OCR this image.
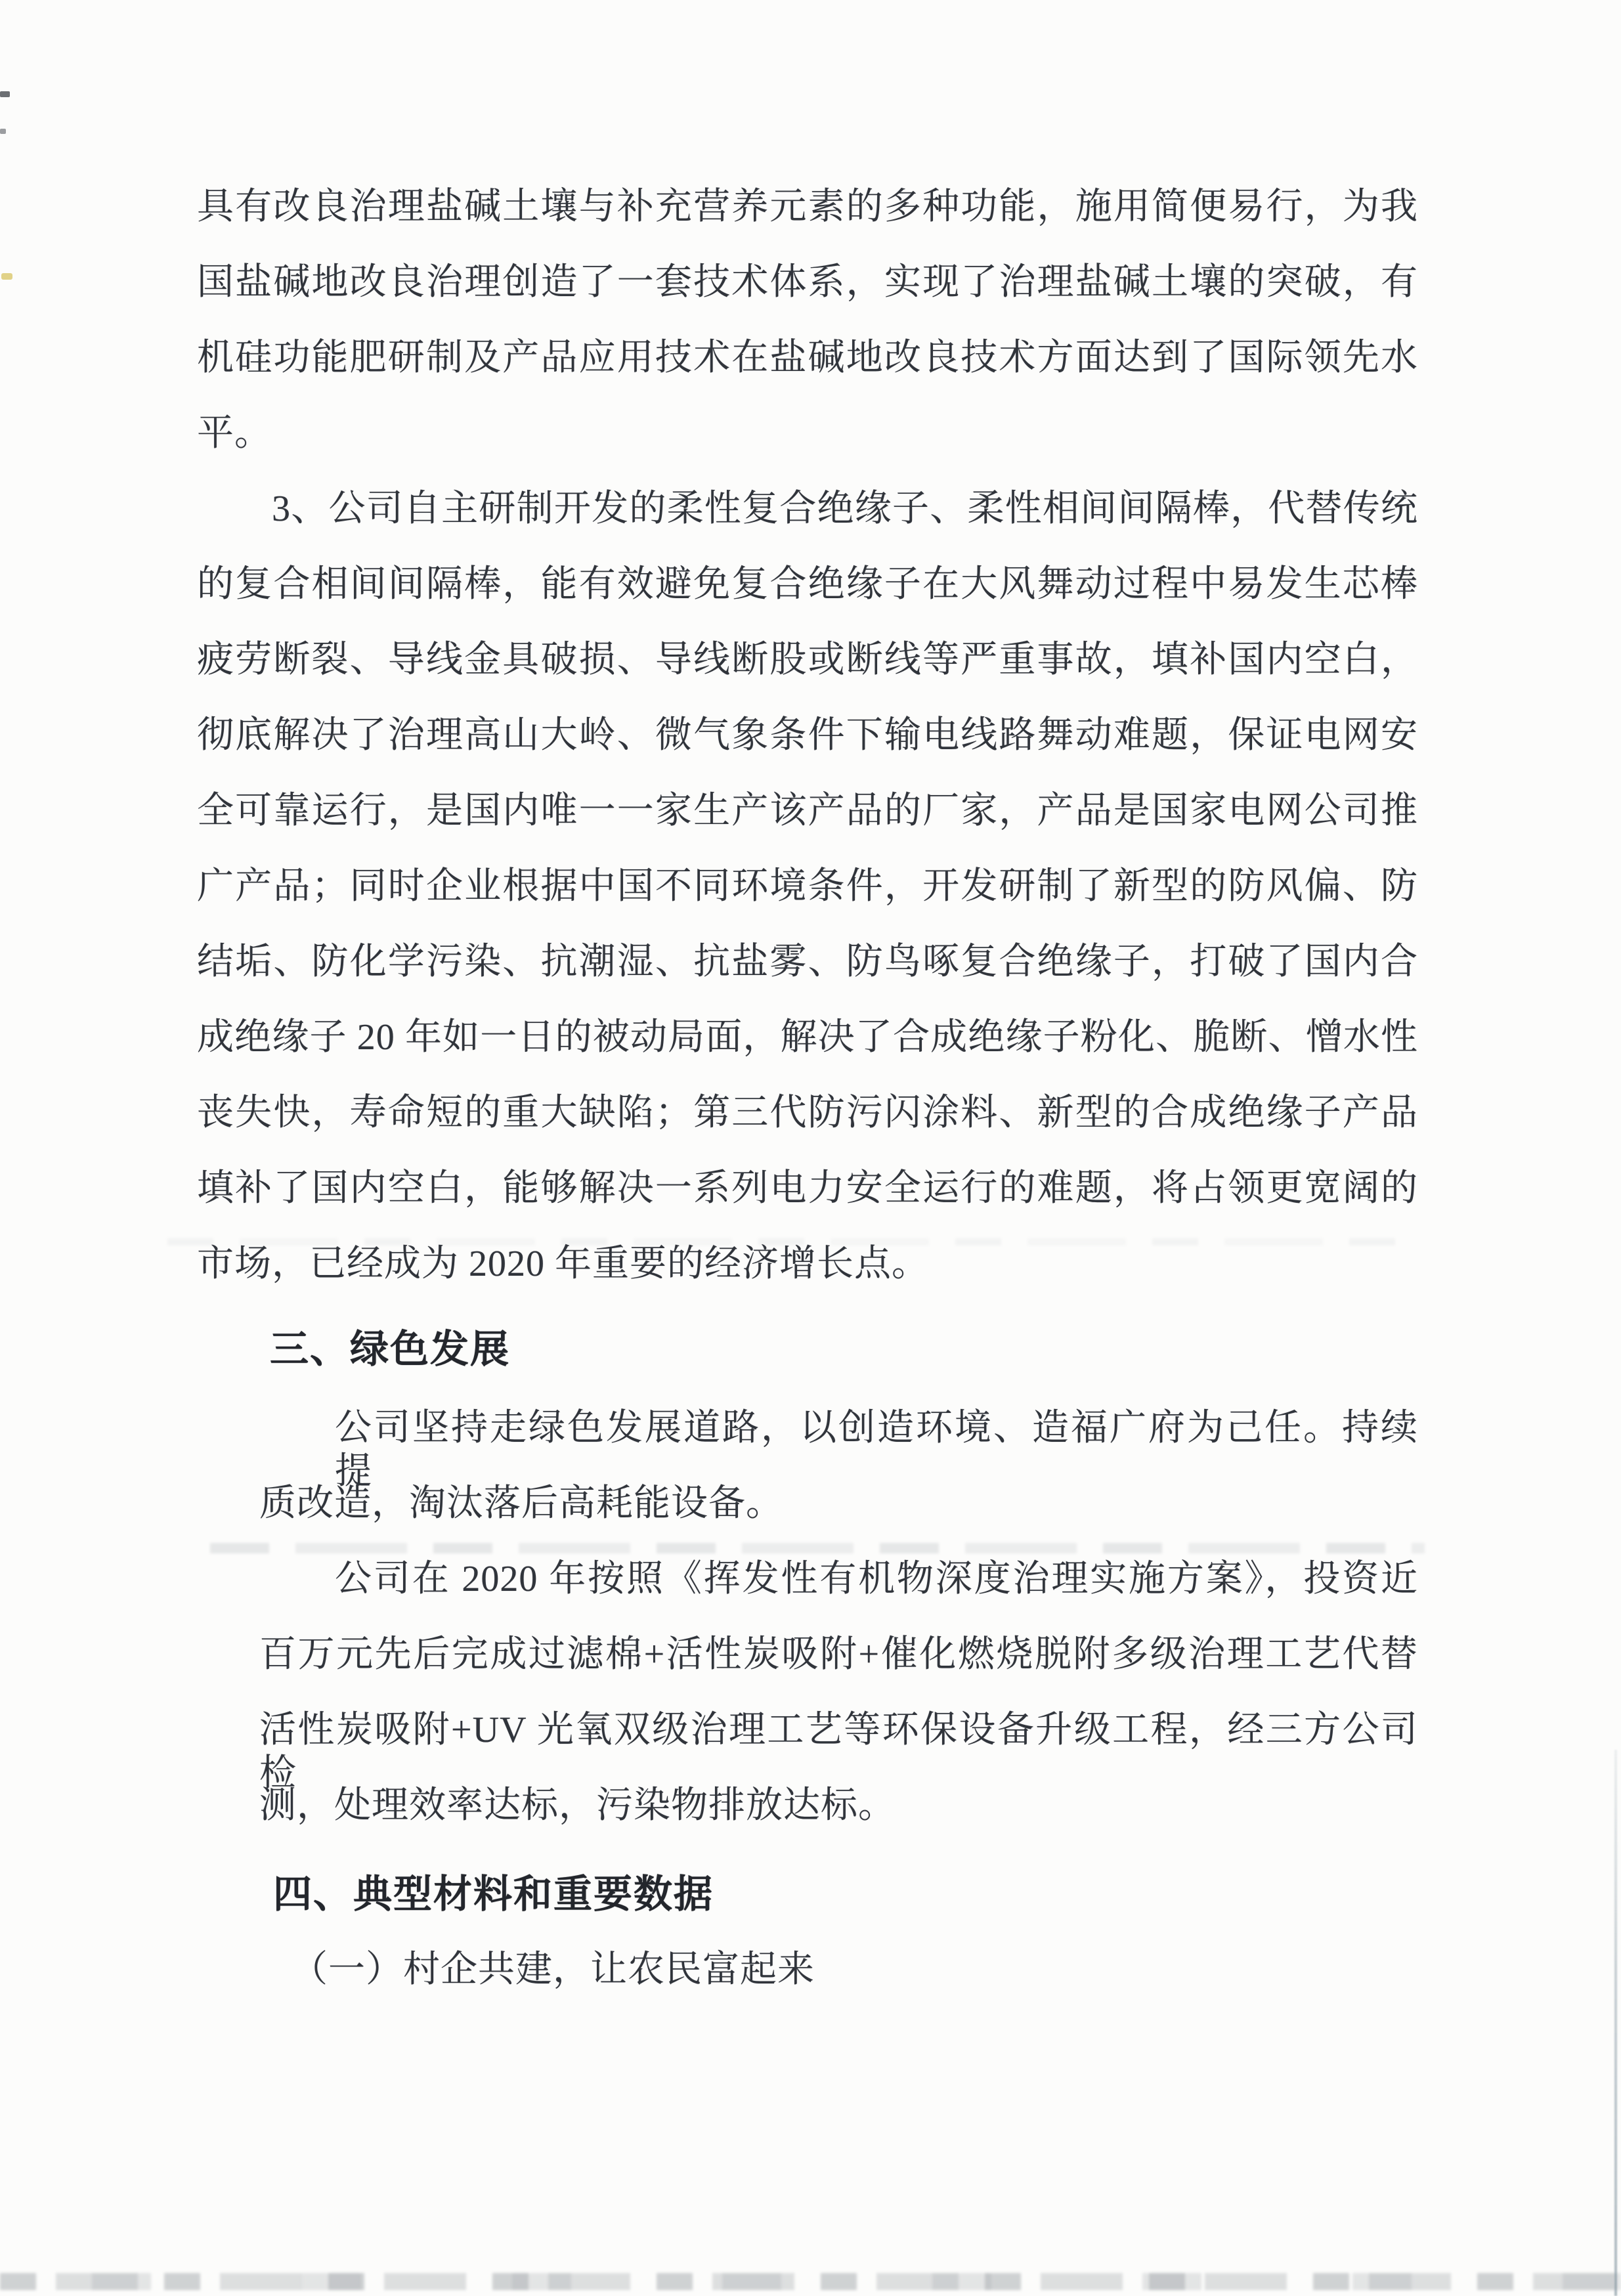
具有改良治理盐碱土壤与补充营养元素的多种功能，施用简便易行，为我
国盐碱地改良治理创造了一套技术体系，实现了治理盐碱土壤的突破，有
机硅功能肥研制及产品应用技术在盐碱地改良技术方面达到了国际领先水
平。
3、公司自主研制开发的柔性复合绝缘子、柔性相间间隔棒，代替传统
的复合相间间隔棒，能有效避免复合绝缘子在大风舞动过程中易发生芯棒
疲劳断裂、导线金具破损、导线断股或断线等严重事故，填补国内空白，
彻底解决了治理高山大岭、微气象条件下输电线路舞动难题，保证电网安
全可靠运行，是国内唯一一家生产该产品的厂家，产品是国家电网公司推
广产品；同时企业根据中国不同环境条件，开发研制了新型的防风偏、防
结垢、防化学污染、抗潮湿、抗盐雾、防鸟啄复合绝缘子，打破了国内合
成绝缘子 20 年如一日的被动局面，解决了合成绝缘子粉化、脆断、憎水性
丧失快，寿命短的重大缺陷；第三代防污闪涂料、新型的合成绝缘子产品
填补了国内空白，能够解决一系列电力安全运行的难题，将占领更宽阔的
市场，已经成为 2020 年重要的经济增长点。
三、绿色发展
公司坚持走绿色发展道路，以创造环境、造福广府为己任。持续提
质改造，淘汰落后高耗能设备。
公司在 2020 年按照《挥发性有机物深度治理实施方案》，投资近
百万元先后完成过滤棉+活性炭吸附+催化燃烧脱附多级治理工艺代替
活性炭吸附+UV 光氧双级治理工艺等环保设备升级工程，经三方公司检
测，处理效率达标，污染物排放达标。
四、典型材料和重要数据
（一）村企共建，让农民富起来
